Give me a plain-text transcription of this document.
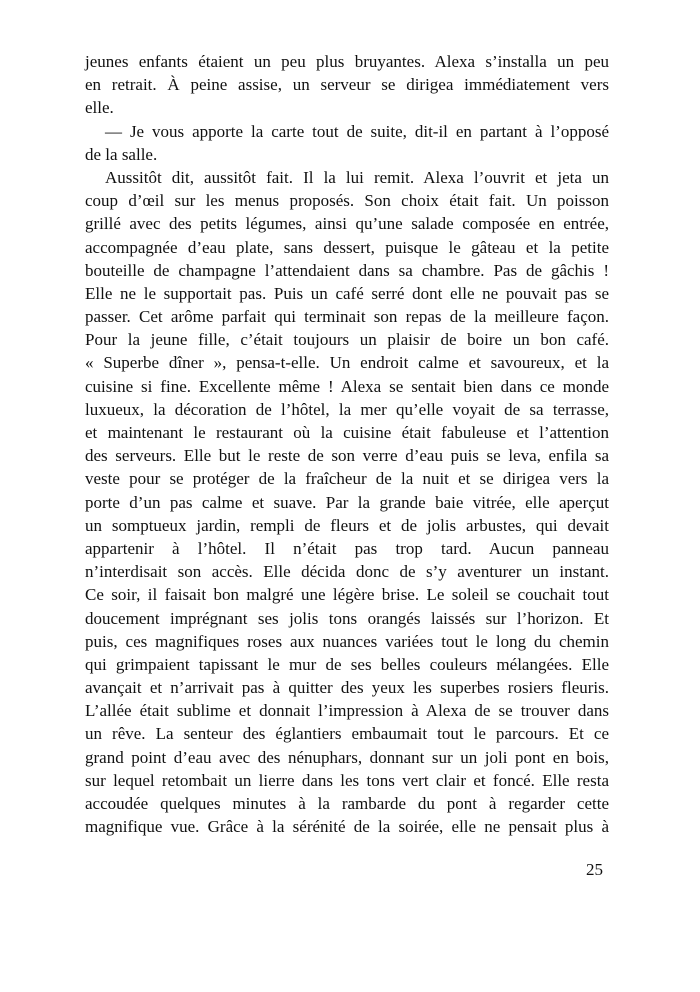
jeunes enfants étaient un peu plus bruyantes. Alexa s’installa un peu
en retrait. À peine assise, un serveur se dirigea immédiatement vers
elle.
— Je vous apporte la carte tout de suite, dit-il en partant à l’opposé
de la salle.
Aussitôt dit, aussitôt fait. Il la lui remit. Alexa l’ouvrit et jeta un
coup d’œil sur les menus proposés. Son choix était fait. Un poisson
grillé avec des petits légumes, ainsi qu’une salade composée en entrée,
accompagnée d’eau plate, sans dessert, puisque le gâteau et la petite
bouteille de champagne l’attendaient dans sa chambre. Pas de gâchis !
Elle ne le supportait pas. Puis un café serré dont elle ne pouvait pas se
passer. Cet arôme parfait qui terminait son repas de la meilleure façon.
Pour la jeune fille, c’était toujours un plaisir de boire un bon café.
« Superbe dîner », pensa-t-elle. Un endroit calme et savoureux, et la
cuisine si fine. Excellente même ! Alexa se sentait bien dans ce monde
luxueux, la décoration de l’hôtel, la mer qu’elle voyait de sa terrasse,
et maintenant le restaurant où la cuisine était fabuleuse et l’attention
des serveurs. Elle but le reste de son verre d’eau puis se leva, enfila sa
veste pour se protéger de la fraîcheur de la nuit et se dirigea vers la
porte d’un pas calme et suave. Par la grande baie vitrée, elle aperçut
un somptueux jardin, rempli de fleurs et de jolis arbustes, qui devait
appartenir à l’hôtel. Il n’était pas trop tard. Aucun panneau
n’interdisait son accès. Elle décida donc de s’y aventurer un instant.
Ce soir, il faisait bon malgré une légère brise. Le soleil se couchait tout
doucement imprégnant ses jolis tons orangés laissés sur l’horizon. Et
puis, ces magnifiques roses aux nuances variées tout le long du chemin
qui grimpaient tapissant le mur de ses belles couleurs mélangées. Elle
avançait et n’arrivait pas à quitter des yeux les superbes rosiers fleuris.
L’allée était sublime et donnait l’impression à Alexa de se trouver dans
un rêve. La senteur des églantiers embaumait tout le parcours. Et ce
grand point d’eau avec des nénuphars, donnant sur un joli pont en bois,
sur lequel retombait un lierre dans les tons vert clair et foncé. Elle resta
accoudée quelques minutes à la rambarde du pont à regarder cette
magnifique vue. Grâce à la sérénité de la soirée, elle ne pensait plus à
25
